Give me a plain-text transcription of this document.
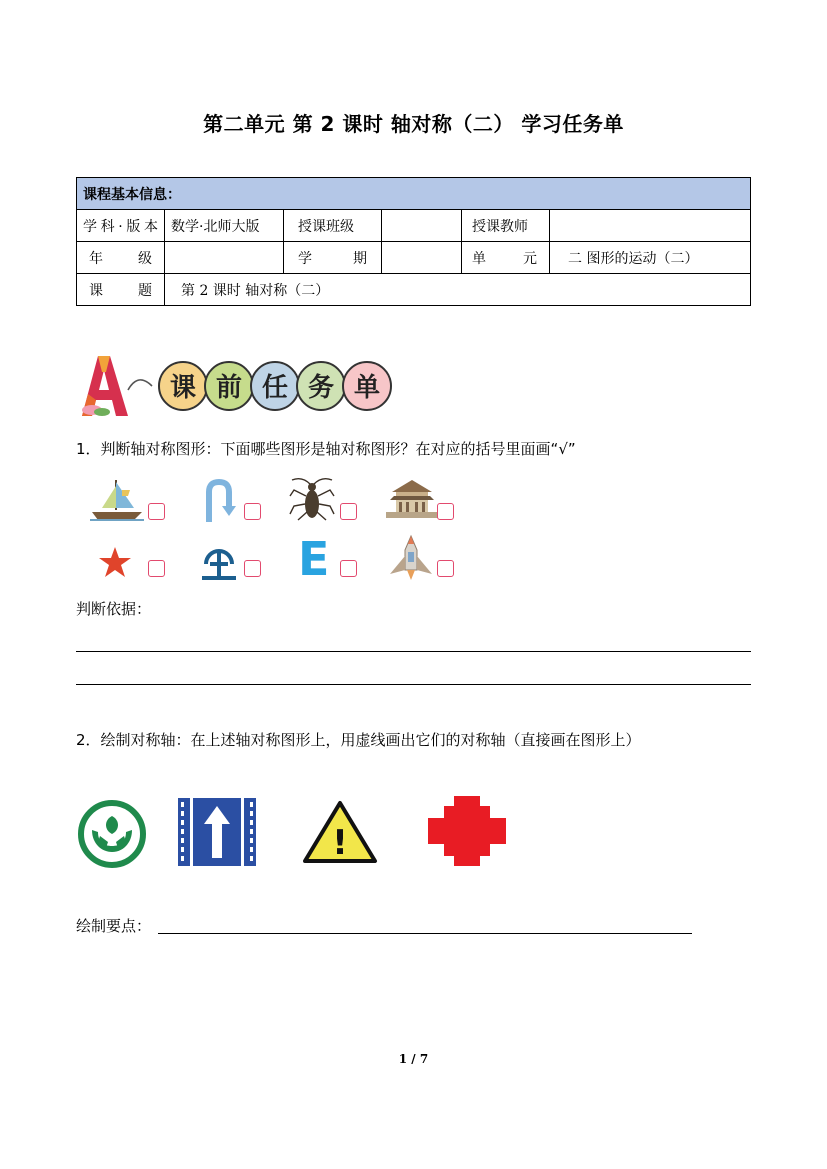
第二单元 第 2 课时 轴对称（二） 学习任务单
课程基本信息：					
学科·版本	数学·北师大版	授课班级		授课教师	
年 级		学 期		单 元	二 图形的运动（二）
课 题	第 2 课时 轴对称（二）				
课 前 任 务 单
1．判断轴对称图形：下面哪些图形是轴对称图形？在对应的括号里面画“√”
E
判断依据：
2．绘制对称轴：在上述轴对称图形上，用虚线画出它们的对称轴（直接画在图形上）
!
绘制要点：
1 / 7
